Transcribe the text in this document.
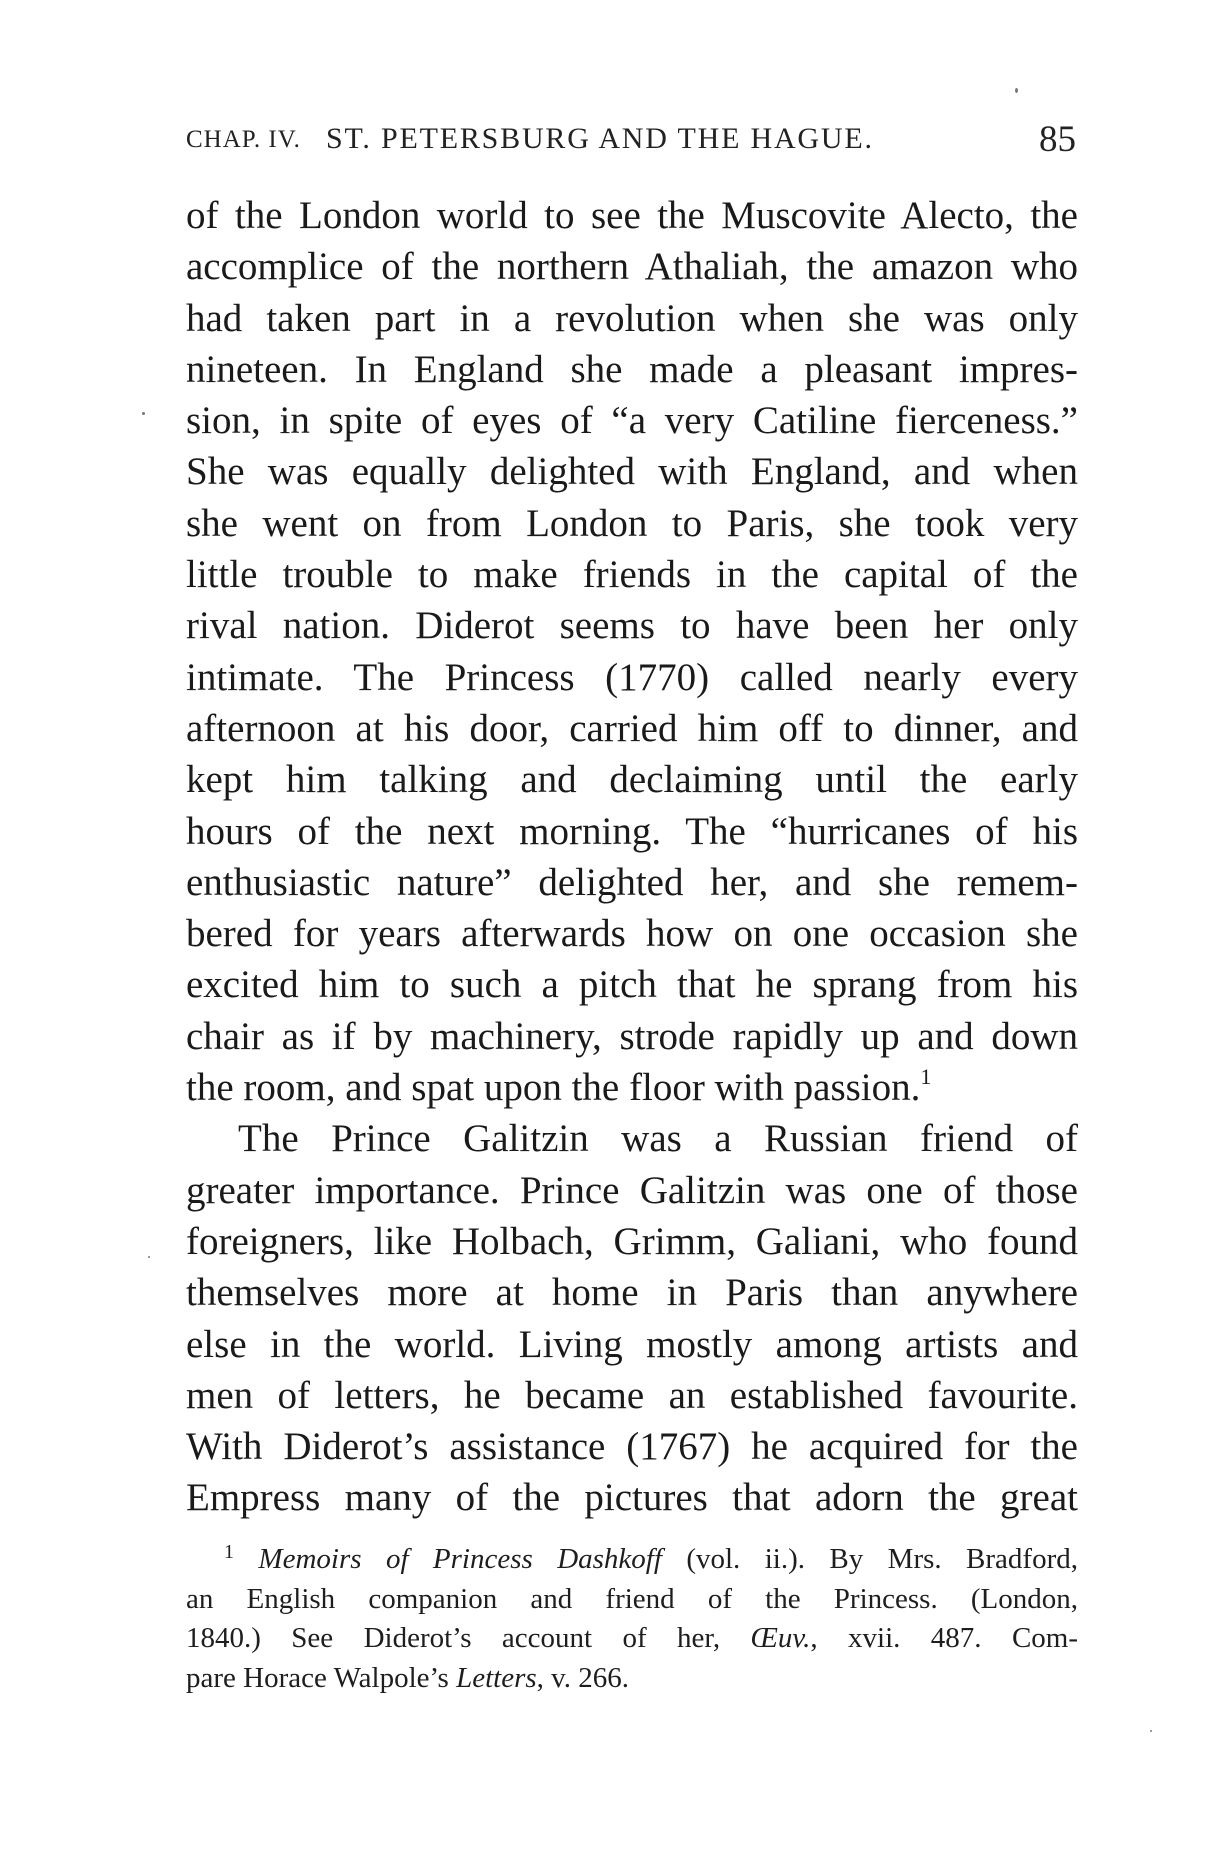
CHAP. IV. ST. PETERSBURG AND THE HAGUE.	85
of the London world to see the Muscovite Alecto, the
accomplice of the northern Athaliah, the amazon who
had taken part in a revolution when she was only
nineteen. In England she made a pleasant impres-
sion, in spite of eyes of “a very Catiline fierceness.”
She was equally delighted with England, and when
she went on from London to Paris, she took very
little trouble to make friends in the capital of the
rival nation. Diderot seems to have been her only
intimate. The Princess (1770) called nearly every
afternoon at his door, carried him off to dinner, and
kept him talking and declaiming until the early
hours of the next morning. The “hurricanes of his
enthusiastic nature” delighted her, and she remem-
bered for years afterwards how on one occasion she
excited him to such a pitch that he sprang from his
chair as if by machinery, strode rapidly up and down
the room, and spat upon the floor with passion.$^1$
The Prince Galitzin was a Russian friend of
greater importance. Prince Galitzin was one of those
foreigners, like Holbach, Grimm, Galiani, who found
themselves more at home in Paris than anywhere
else in the world. Living mostly among artists and
men of letters, he became an established favourite.
With Diderot’s assistance (1767) he acquired for the
Empress many of the pictures that adorn the great
$^1$ Memoirs of Princess Dashkoff (vol. ii.). By Mrs. Bradford,
an English companion and friend of the Princess. (London,
1840.) See Diderot’s account of her, Œuv., xvii. 487. Com-
pare Horace Walpole’s Letters, v. 266.
